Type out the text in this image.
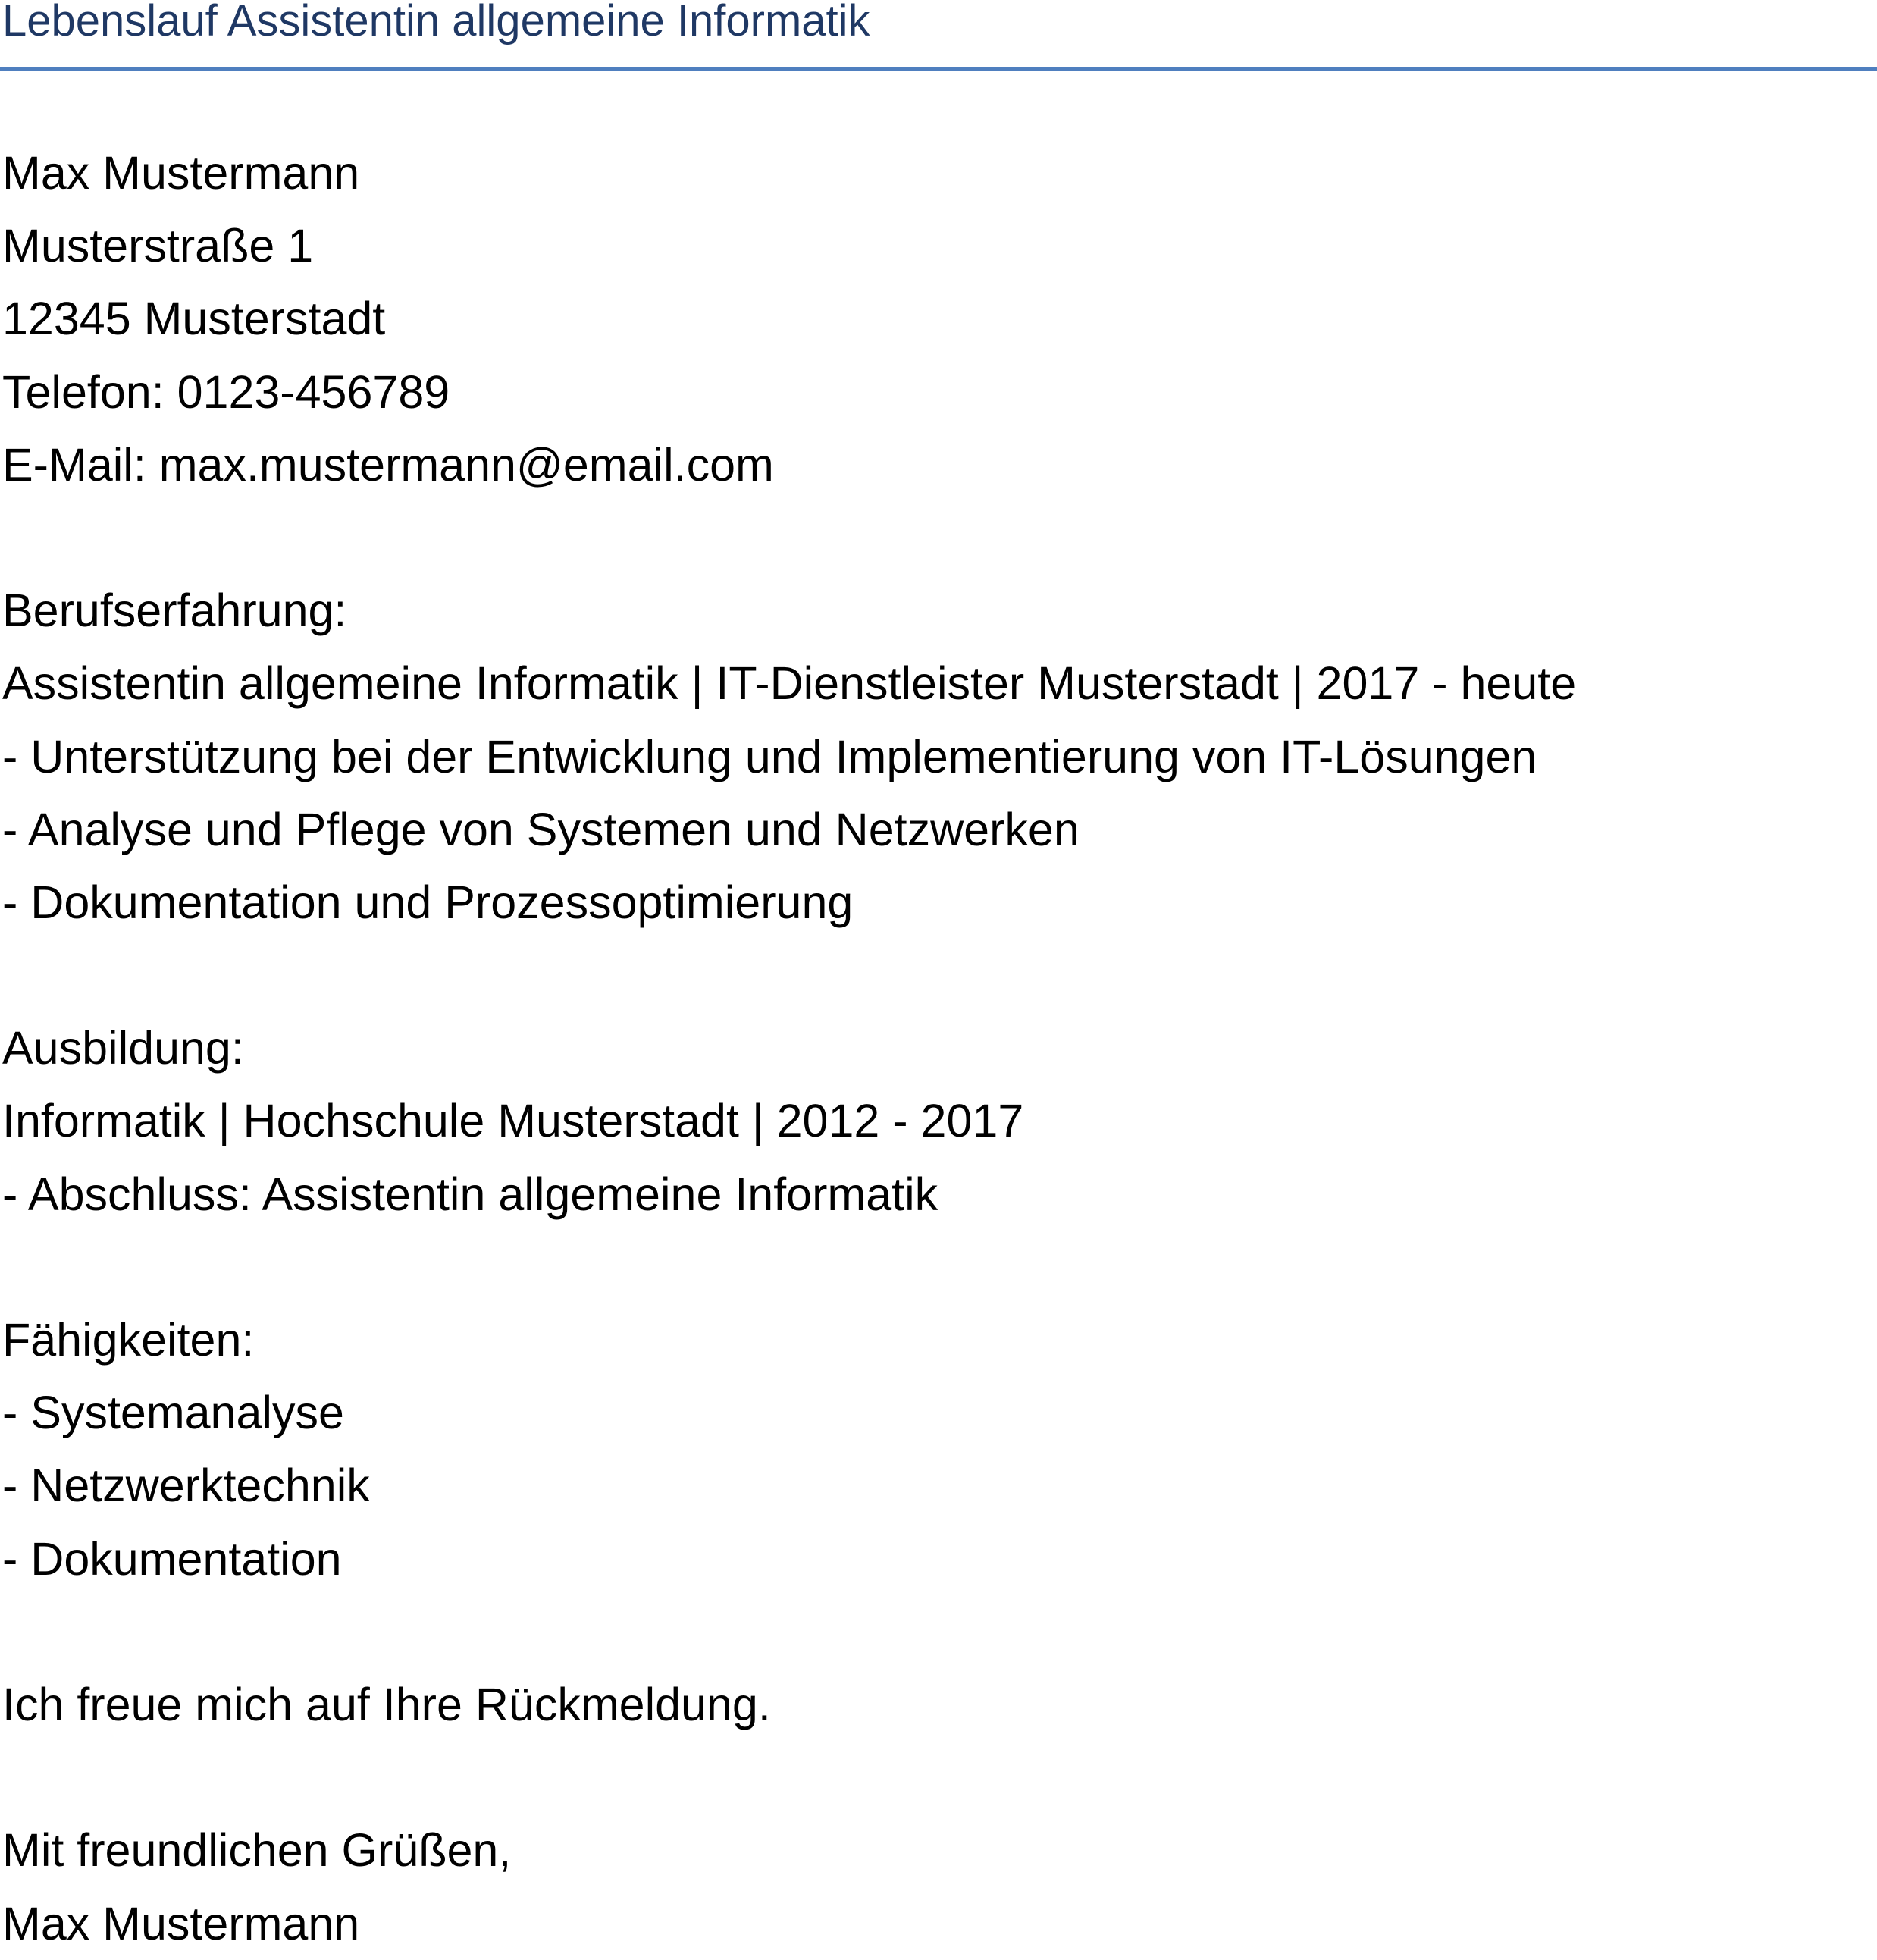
Lebenslauf Assistentin allgemeine Informatik
Max Mustermann
Musterstraße 1
12345 Musterstadt
Telefon: 0123-456789
E-Mail: max.mustermann@email.com
Berufserfahrung:
Assistentin allgemeine Informatik | IT-Dienstleister Musterstadt | 2017 - heute
- Unterstützung bei der Entwicklung und Implementierung von IT-Lösungen
- Analyse und Pflege von Systemen und Netzwerken
- Dokumentation und Prozessoptimierung
Ausbildung:
Informatik | Hochschule Musterstadt | 2012 - 2017
- Abschluss: Assistentin allgemeine Informatik
Fähigkeiten:
- Systemanalyse
- Netzwerktechnik
- Dokumentation
Ich freue mich auf Ihre Rückmeldung.
Mit freundlichen Grüßen,
Max Mustermann
